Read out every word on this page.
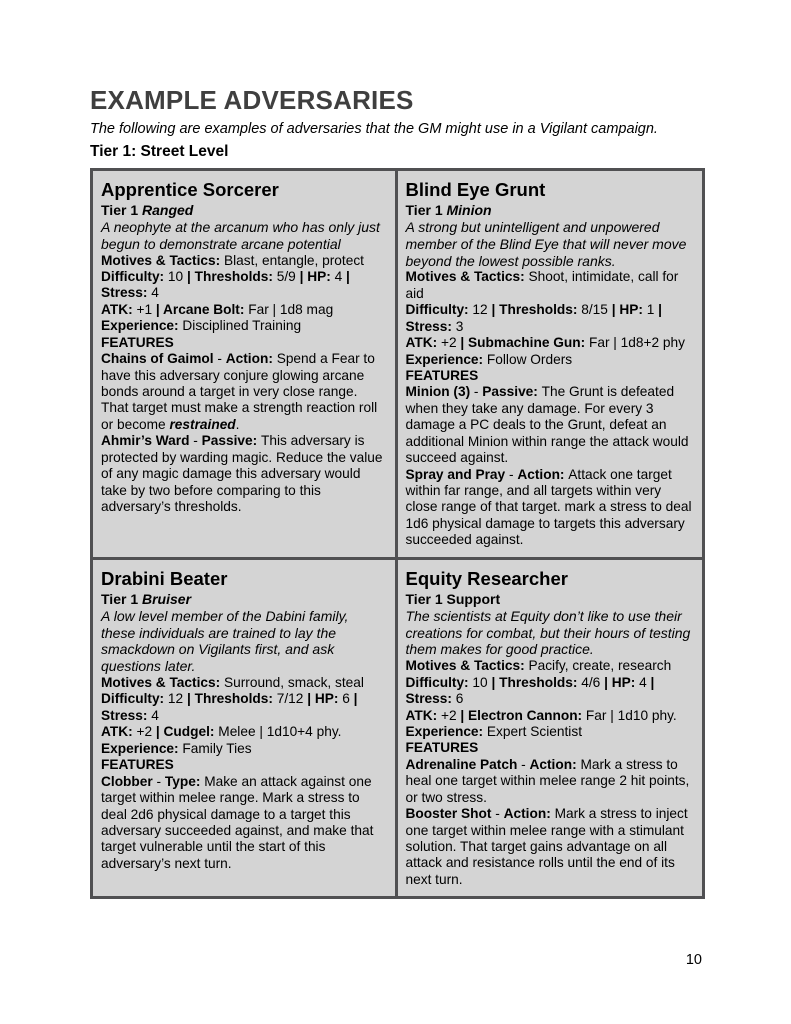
EXAMPLE ADVERSARIES

The following are examples of adversaries that the GM might use in a Vigilant campaign.

Tier 1: Street Level
Apprentice Sorcerer
Tier 1 Ranged
A neophyte at the arcanum who has only just begun to demonstrate arcane potential
Motives & Tactics: Blast, entangle, protect
Difficulty: 10 | Thresholds: 5/9 | HP: 4 | Stress: 4
ATK: +1 | Arcane Bolt: Far | 1d8 mag
Experience: Disciplined Training
FEATURES
Chains of Gaimol - Action: Spend a Fear to have this adversary conjure glowing arcane bonds around a target in very close range. That target must make a strength reaction roll or become restrained.
Ahmir’s Ward - Passive: This adversary is protected by warding magic. Reduce the value of any magic damage this adversary would take by two before comparing to this adversary’s thresholds.
Blind Eye Grunt
Tier 1 Minion
A strong but unintelligent and unpowered member of the Blind Eye that will never move beyond the lowest possible ranks.
Motives & Tactics: Shoot, intimidate, call for aid
Difficulty: 12 | Thresholds: 8/15 | HP: 1 | Stress: 3
ATK: +2 | Submachine Gun: Far | 1d8+2 phy
Experience: Follow Orders
FEATURES
Minion (3) - Passive: The Grunt is defeated when they take any damage. For every 3 damage a PC deals to the Grunt, defeat an additional Minion within range the attack would succeed against.
Spray and Pray - Action: Attack one target within far range, and all targets within very close range of that target. mark a stress to deal 1d6 physical damage to targets this adversary succeeded against.
Drabini Beater
Tier 1 Bruiser
A low level member of the Dabini family, these individuals are trained to lay the smackdown on Vigilants first, and ask questions later.
Motives & Tactics: Surround, smack, steal
Difficulty: 12 | Thresholds: 7/12 | HP: 6 | Stress: 4
ATK: +2 | Cudgel: Melee | 1d10+4 phy.
Experience: Family Ties
FEATURES
Clobber - Type: Make an attack against one target within melee range. Mark a stress to deal 2d6 physical damage to a target this adversary succeeded against, and make that target vulnerable until the start of this adversary’s next turn.
Equity Researcher
Tier 1 Support
The scientists at Equity don’t like to use their creations for combat, but their hours of testing them makes for good practice.
Motives & Tactics: Pacify, create, research
Difficulty: 10 | Thresholds: 4/6 | HP: 4 | Stress: 6
ATK: +2 | Electron Cannon: Far | 1d10 phy.
Experience: Expert Scientist
FEATURES
Adrenaline Patch - Action: Mark a stress to heal one target within melee range 2 hit points, or two stress.
Booster Shot - Action: Mark a stress to inject one target within melee range with a stimulant solution. That target gains advantage on all attack and resistance rolls until the end of its next turn.
10
